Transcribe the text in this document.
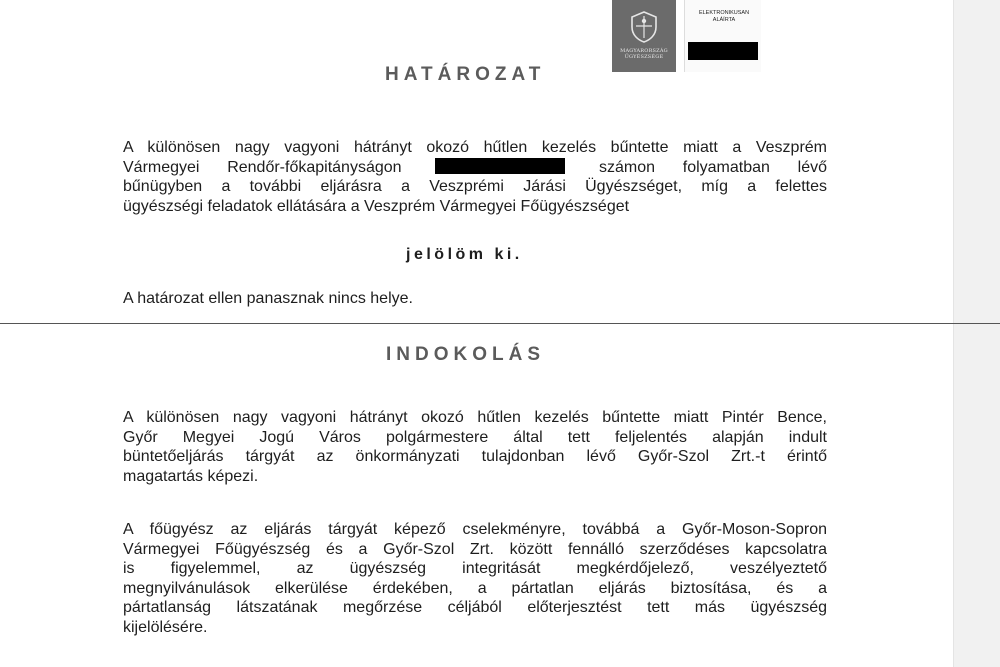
MAGYARORSZÁG
ÜGYÉSZSÉGE
ELEKTRONIKUSAN ALÁÍRTA
HATÁROZAT
A különösen nagy vagyoni hátrányt okozó hűtlen kezelés bűntette miatt a Veszprém
Vármegyei Rendőr-főkapitányságon	számon folyamatban lévő
bűnügyben a további eljárásra a Veszprémi Járási Ügyészséget, míg a felettes
ügyészségi feladatok ellátására a Veszprém Vármegyei Főügyészséget
jelölöm ki.
A határozat ellen panasznak nincs helye.
INDOKOLÁS
A különösen nagy vagyoni hátrányt okozó hűtlen kezelés bűntette miatt Pintér Bence,
Győr Megyei Jogú Város polgármestere által tett feljelentés alapján indult
büntetőeljárás tárgyát az önkormányzati tulajdonban lévő Győr-Szol Zrt.-t érintő
magatartás képezi.
A főügyész az eljárás tárgyát képező cselekményre, továbbá a Győr-Moson-Sopron
Vármegyei Főügyészség és a Győr-Szol Zrt. között fennálló szerződéses kapcsolatra
is figyelemmel, az ügyészség integritását megkérdőjelező, veszélyeztető
megnyilvánulások elkerülése érdekében, a pártatlan eljárás biztosítása, és a
pártatlanság látszatának megőrzése céljából előterjesztést tett más ügyészség
kijelölésére.
